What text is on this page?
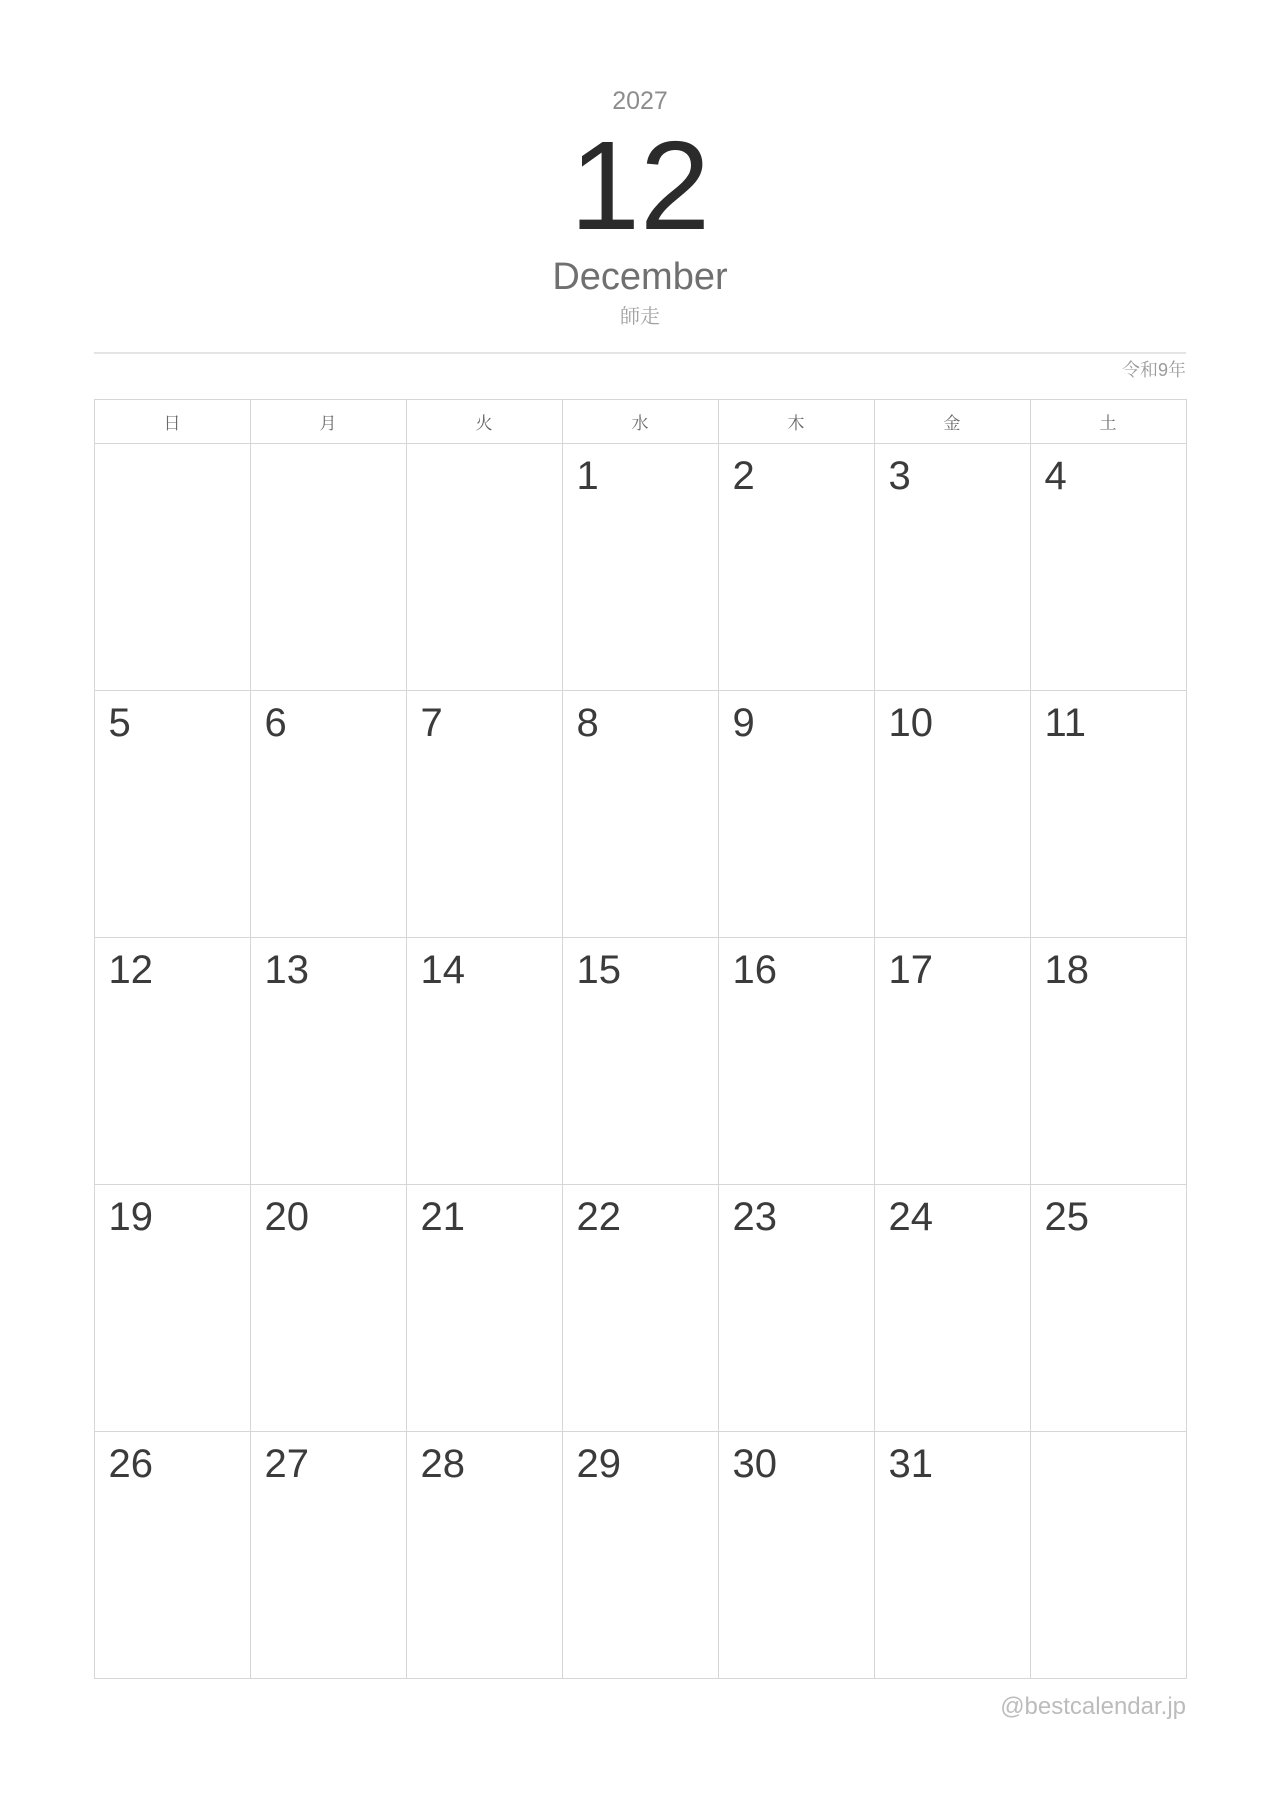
2027
12
December
師走
令和9年
日	月	火	水	木	金	土
			1	2	3	4
5	6	7	8	9	10	11
12	13	14	15	16	17	18
19	20	21	22	23	24	25
26	27	28	29	30	31	
@bestcalendar.jp
